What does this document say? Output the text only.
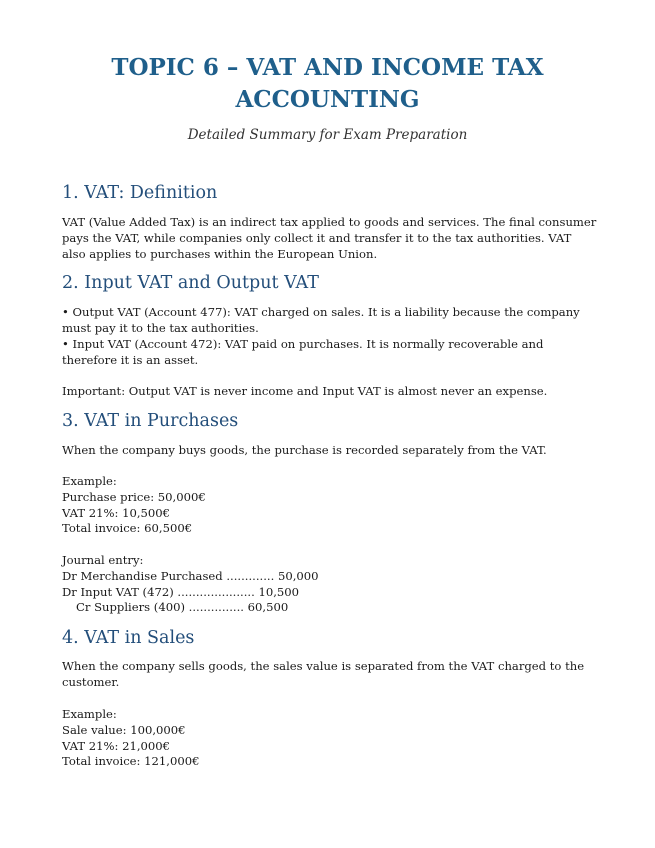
TOPIC 6 – VAT AND INCOME TAX ACCOUNTING

Detailed Summary for Exam Preparation

1. VAT: Definition

VAT (Value Added Tax) is an indirect tax applied to goods and services. The final consumer pays the VAT, while companies only collect it and transfer it to the tax authorities. VAT also applies to purchases within the European Union.

2. Input VAT and Output VAT

• Output VAT (Account 477): VAT charged on sales. It is a liability because the company must pay it to the tax authorities.

• Input VAT (Account 472): VAT paid on purchases. It is normally recoverable and therefore it is an asset.

Important: Output VAT is never income and Input VAT is almost never an expense.

3. VAT in Purchases

When the company buys goods, the purchase is recorded separately from the VAT.

Example:
Purchase price: 50,000€
VAT 21%: 10,500€
Total invoice: 60,500€
Journal entry:
Dr Merchandise Purchased ............. 50,000
Dr Input VAT (472) ..................... 10,500
Cr Suppliers (400) ............... 60,500
4. VAT in Sales

When the company sells goods, the sales value is separated from the VAT charged to the customer.

Example:
Sale value: 100,000€
VAT 21%: 21,000€
Total invoice: 121,000€
